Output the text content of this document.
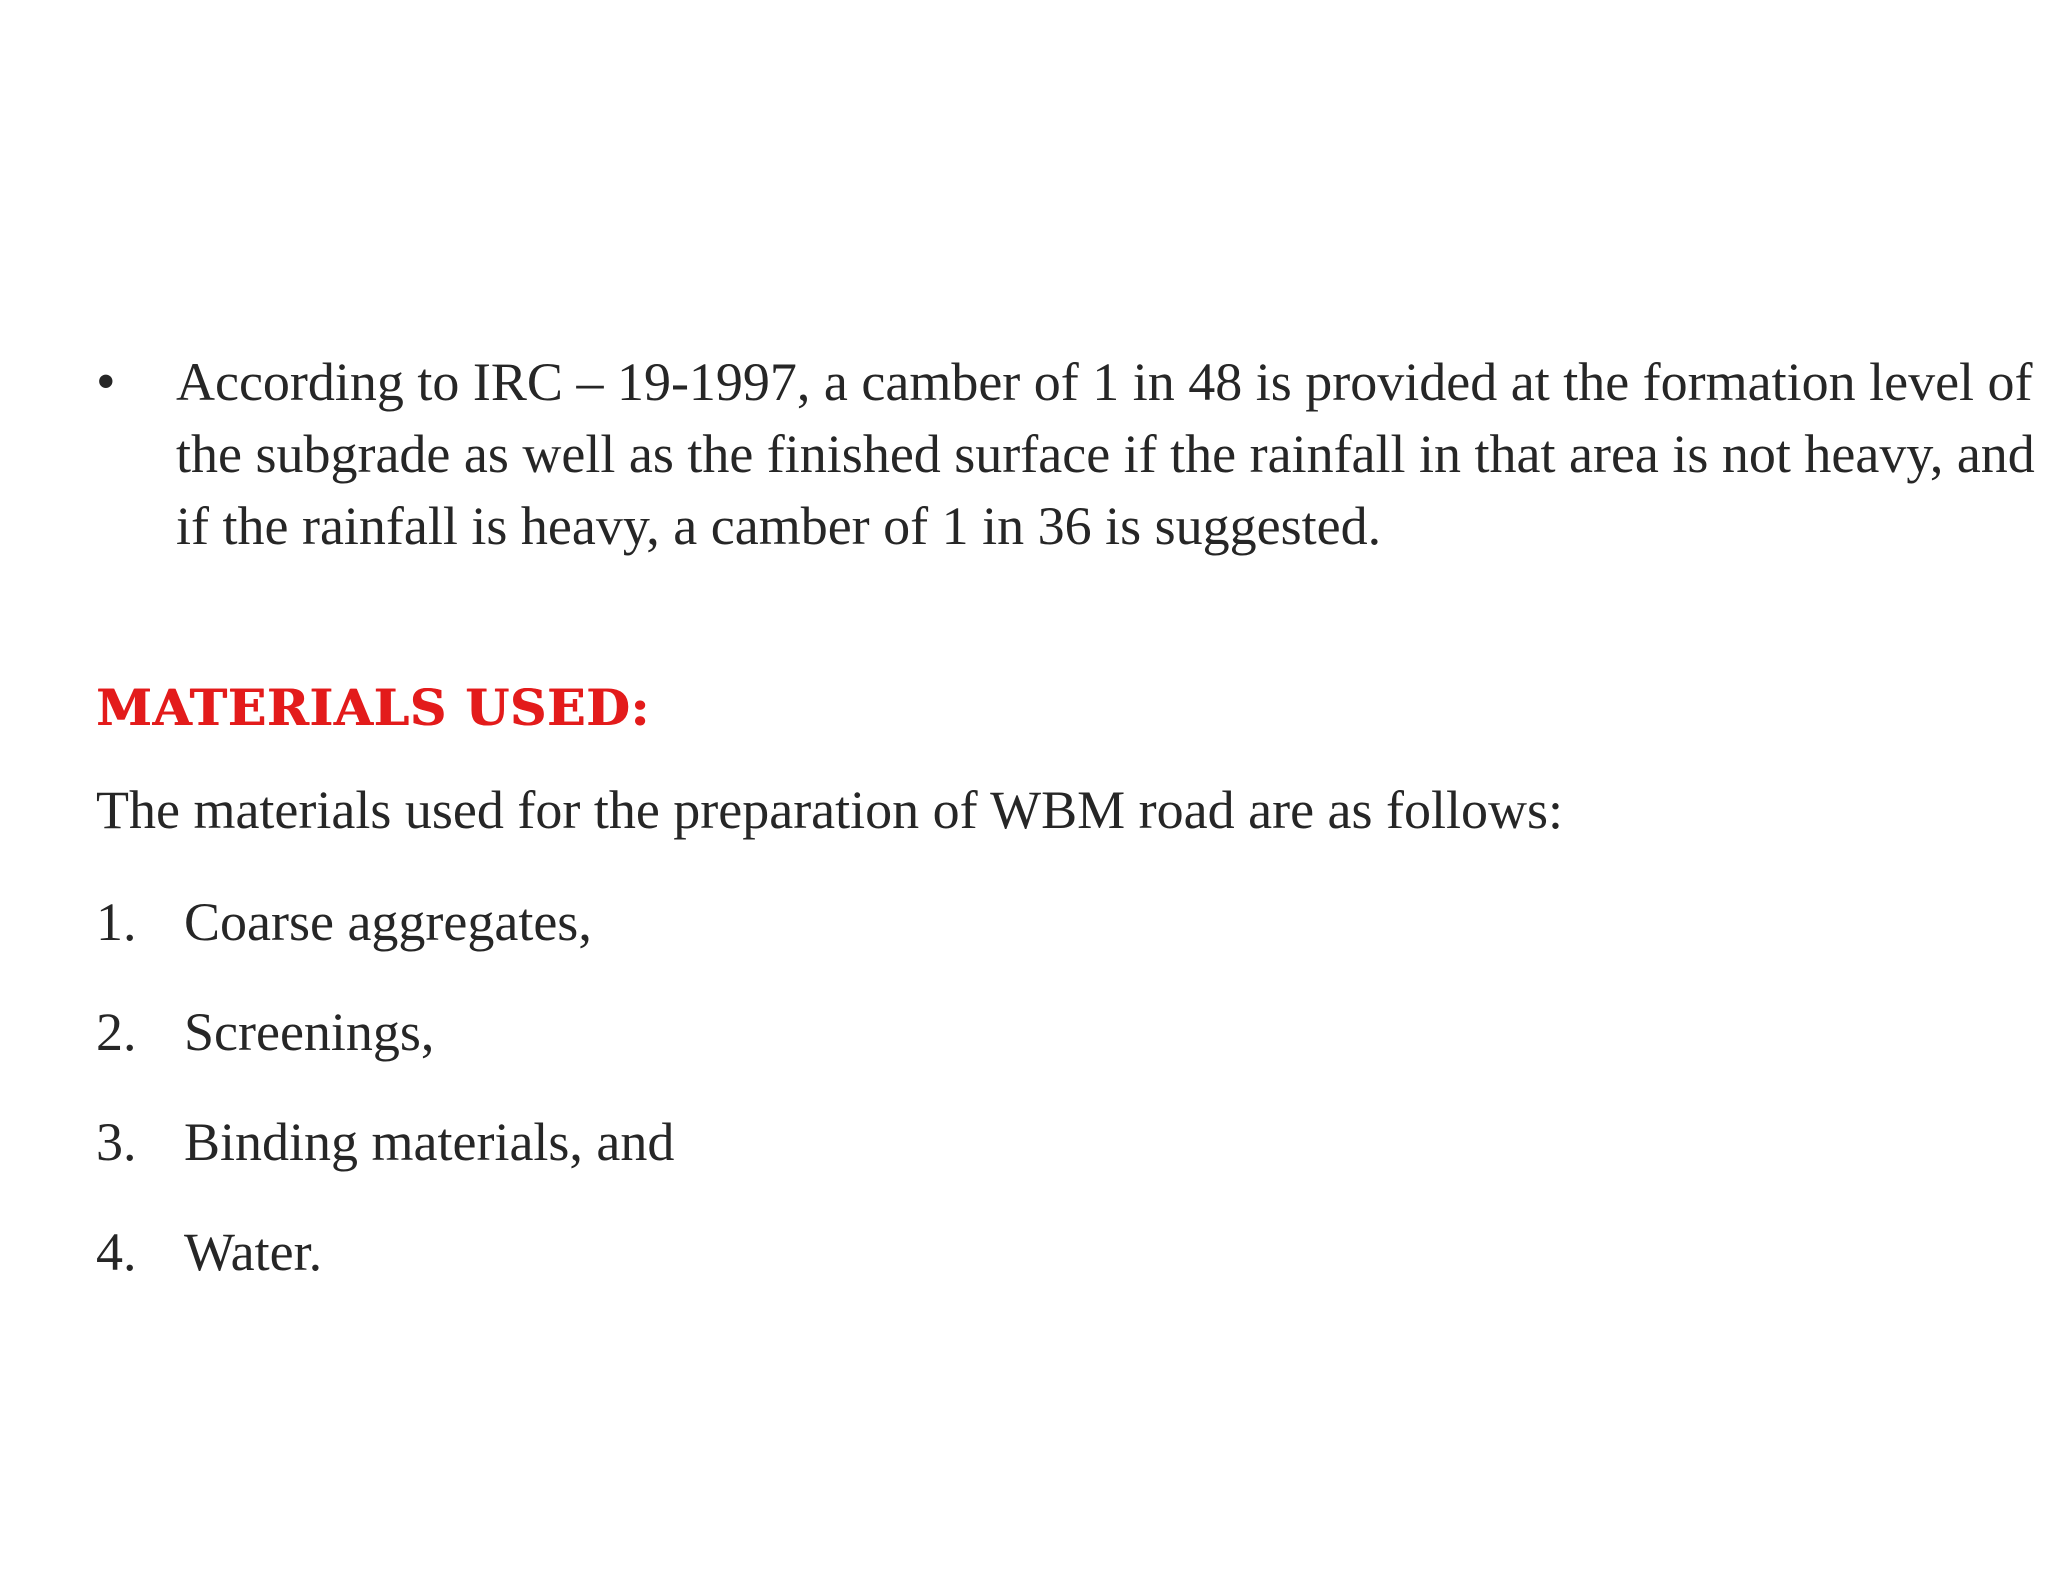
• According to IRC – 19-1997, a camber of 1 in 48 is provided at the formation level of the subgrade as well as the finished surface if the rainfall in that area is not heavy, and if the rainfall is heavy, a camber of 1 in 36 is suggested.
MATERIALS USED:
The materials used for the preparation of WBM road are as follows:
1. Coarse aggregates,
2. Screenings,
3. Binding materials, and
4. Water.
